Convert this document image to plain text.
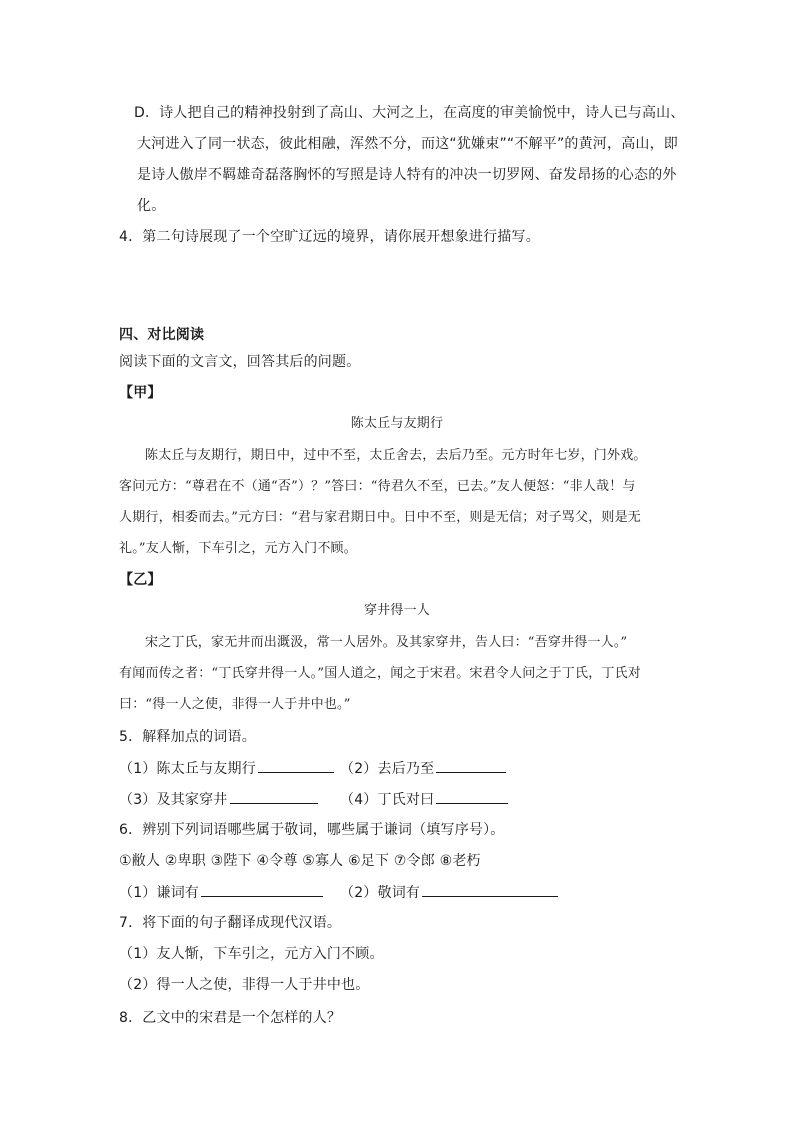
D．诗人把自己的精神投射到了高山、大河之上，在高度的审美愉悦中，诗人已与高山、
大河进入了同一状态，彼此相融，浑然不分，而这“犹嫌束”“不解平”的黄河，高山，即
是诗人傲岸不羁雄奇磊落胸怀的写照是诗人特有的冲决一切罗网、奋发昂扬的心态的外
化。
4．第二句诗展现了一个空旷辽远的境界，请你展开想象进行描写。
四、对比阅读
阅读下面的文言文，回答其后的问题。
【甲】
陈太丘与友期行
陈太丘与友期行，期日中，过中不至，太丘舍去，去后乃至。元方时年七岁，门外戏。
客问元方：“尊君在不（通“否”）？”答曰：“待君久不至，已去。”友人便怒：“非人哉！与
人期行，相委而去。”元方曰：“君与家君期日中。日中不至，则是无信；对子骂父，则是无
礼。”友人惭，下车引之，元方入门不顾。
【乙】
穿井得一人
宋之丁氏，家无井而出溉汲，常一人居外。及其家穿井，告人曰：“吾穿井得一人。”
有闻而传之者：“丁氏穿井得一人。”国人道之，闻之于宋君。宋君令人问之于丁氏，丁氏对
曰：“得一人之使，非得一人于井中也。”
5．解释加点的词语。
（1）陈太丘与友期行	（2）去后乃至
（3）及其家穿井	（4）丁氏对曰
6．辨别下列词语哪些属于敬词，哪些属于谦词（填写序号）。
①敝人 ②卑职 ③陛下 ④令尊 ⑤寡人 ⑥足下 ⑦令郎 ⑧老朽
（1）谦词有	（2）敬词有
7．将下面的句子翻译成现代汉语。
（1）友人惭，下车引之，元方入门不顾。
（2）得一人之使，非得一人于井中也。
8．乙文中的宋君是一个怎样的人？
